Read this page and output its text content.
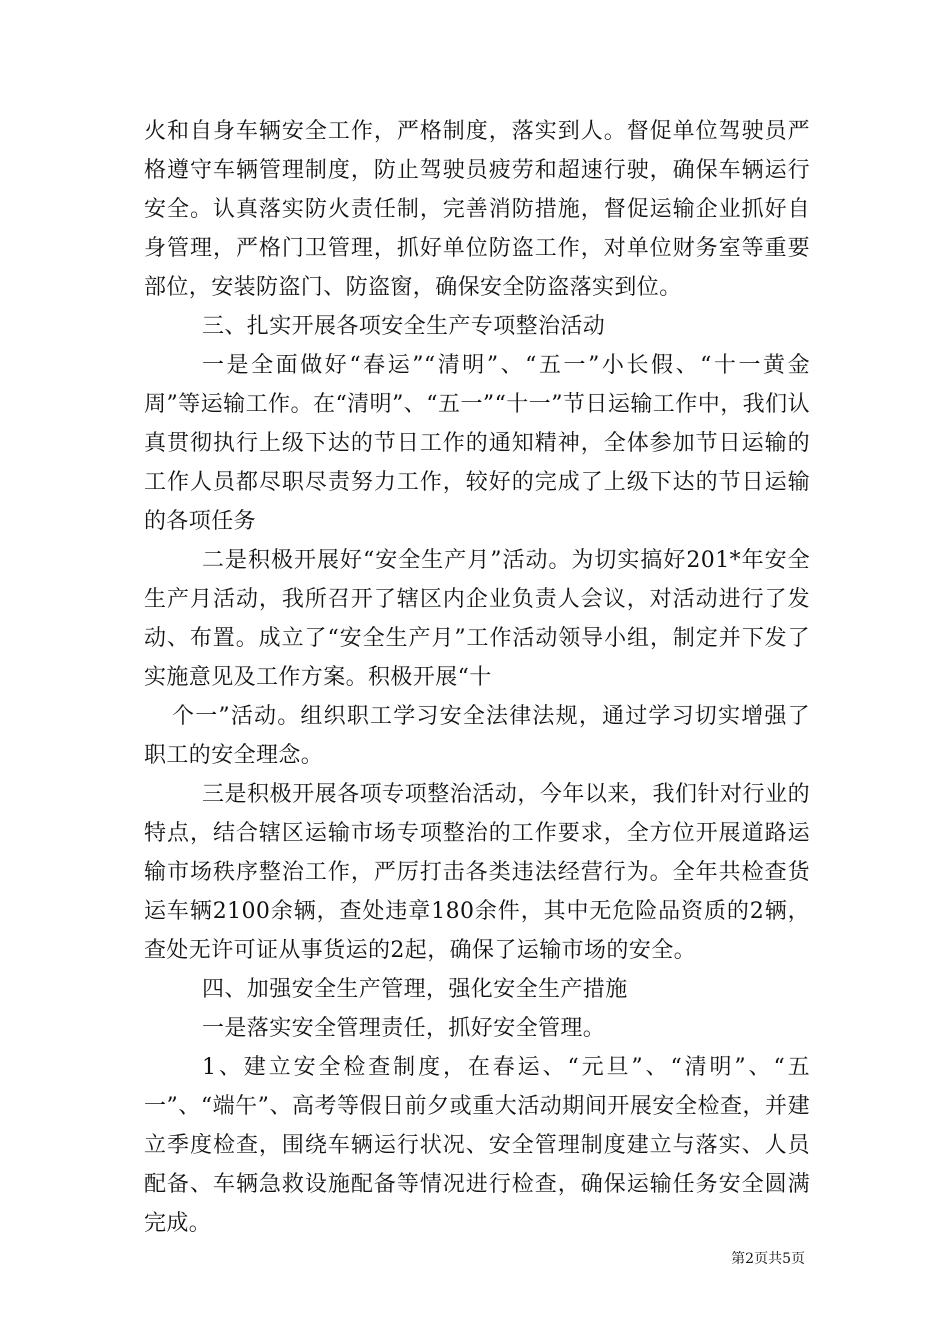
火和自身车辆安全工作，严格制度，落实到人。督促单位驾驶员严格遵守车辆管理制度，防止驾驶员疲劳和超速行驶，确保车辆运行安全。认真落实防火责任制，完善消防措施，督促运输企业抓好自身管理，严格门卫管理，抓好单位防盗工作，对单位财务室等重要部位，安装防盗门、防盗窗，确保安全防盗落实到位。

三、扎实开展各项安全生产专项整治活动

一是全面做好“春运”“清明”、“五一”小长假、“十一黄金周”等运输工作。在“清明”、“五一”“十一”节日运输工作中，我们认真贯彻执行上级下达的节日工作的通知精神，全体参加节日运输的工作人员都尽职尽责努力工作，较好的完成了上级下达的节日运输的各项任务

二是积极开展好“安全生产月”活动。为切实搞好201*年安全生产月活动，我所召开了辖区内企业负责人会议，对活动进行了发动、布置。成立了“安全生产月”工作活动领导小组，制定并下发了实施意见及工作方案。积极开展“十

个一”活动。组织职工学习安全法律法规，通过学习切实增强了职工的安全理念。

三是积极开展各项专项整治活动，今年以来，我们针对行业的特点，结合辖区运输市场专项整治的工作要求，全方位开展道路运输市场秩序整治工作，严厉打击各类违法经营行为。全年共检查货运车辆2100余辆，查处违章180余件，其中无危险品资质的2辆，查处无许可证从事货运的2起，确保了运输市场的安全。

四、加强安全生产管理，强化安全生产措施

一是落实安全管理责任，抓好安全管理。

1、建立安全检查制度，在春运、“元旦”、“清明”、“五一”、“端午”、高考等假日前夕或重大活动期间开展安全检查，并建立季度检查，围绕车辆运行状况、安全管理制度建立与落实、人员配备、车辆急救设施配备等情况进行检查，确保运输任务安全圆满完成。

第2页共5页
